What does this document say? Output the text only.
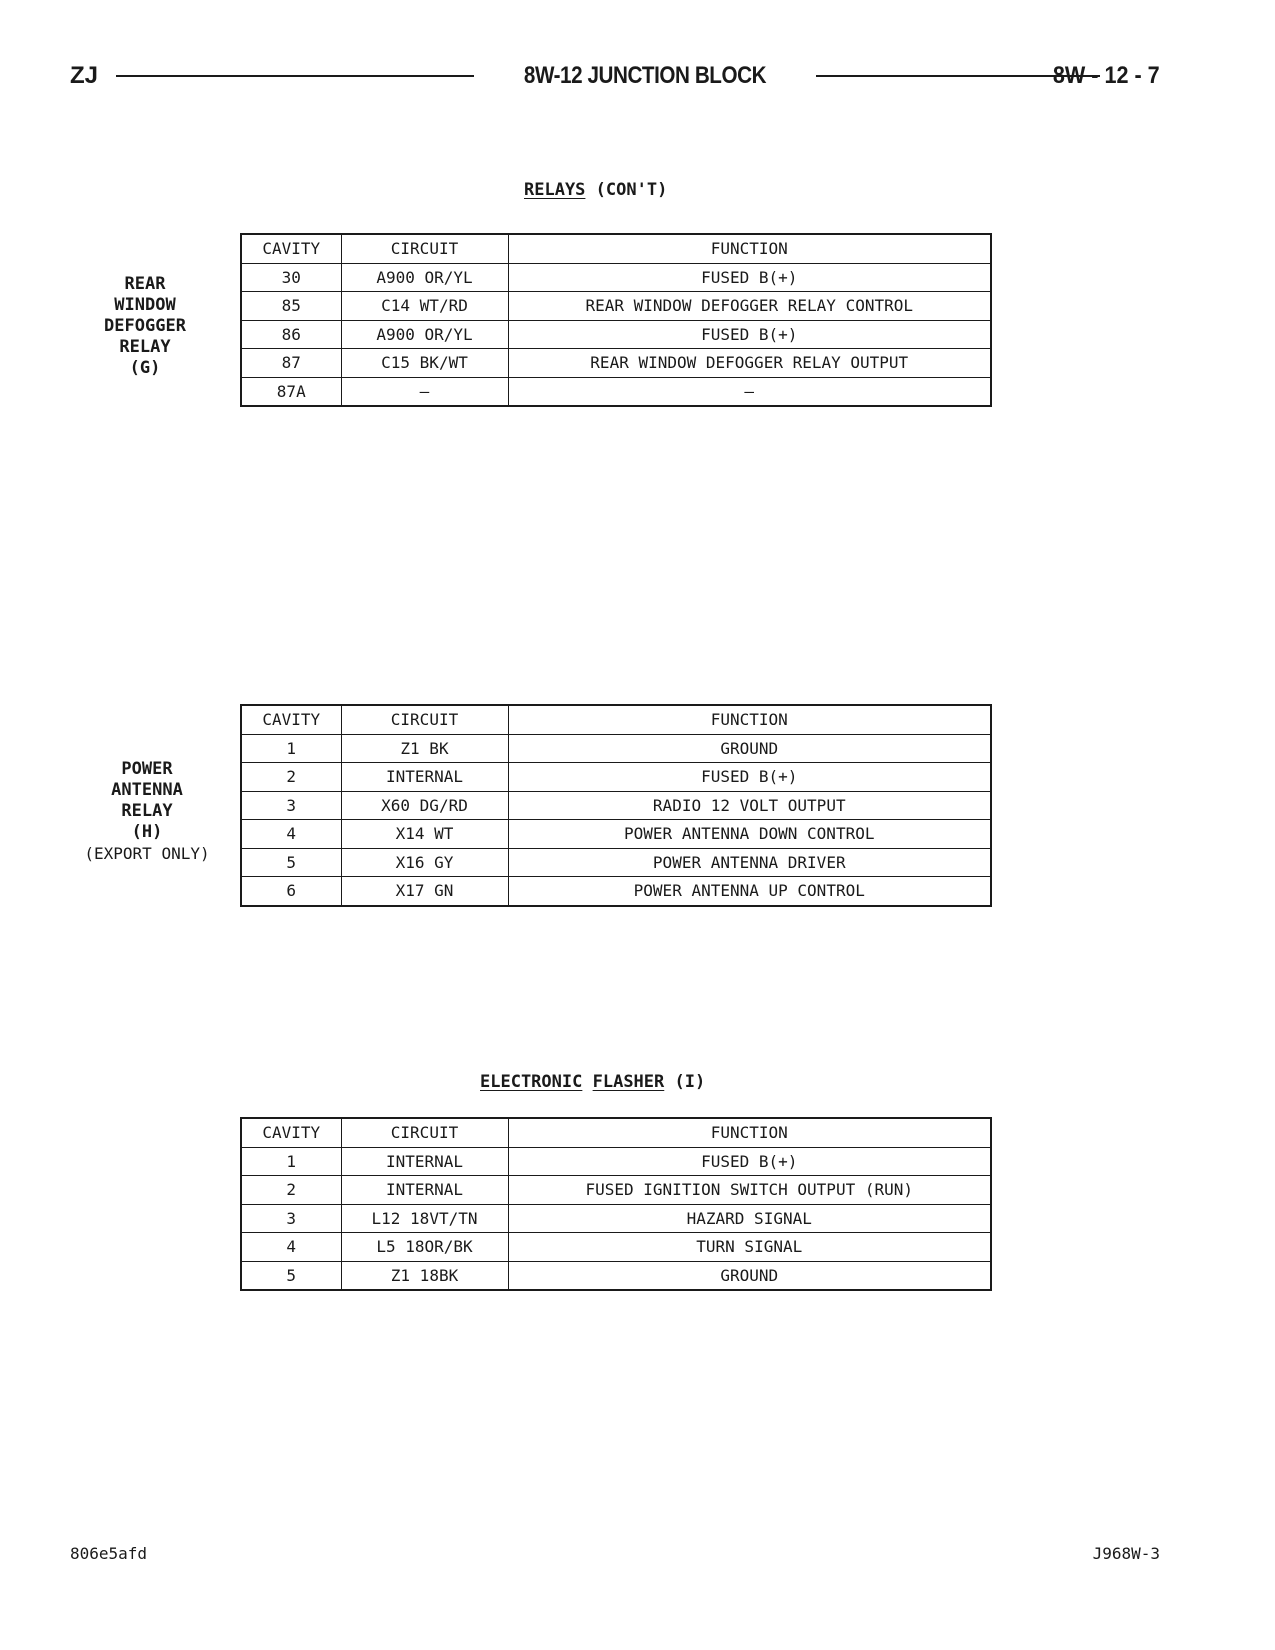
ZJ	8W-12 JUNCTION BLOCK	8W - 12 - 7
RELAYS (CON'T)
REAR
WINDOW
DEFOGGER
RELAY
(G)
CAVITY	CIRCUIT	FUNCTION
30	A900 OR/YL	FUSED B(+)
85	C14 WT/RD	REAR WINDOW DEFOGGER RELAY CONTROL
86	A900 OR/YL	FUSED B(+)
87	C15 BK/WT	REAR WINDOW DEFOGGER RELAY OUTPUT
87A	–	–
POWER
ANTENNA
RELAY
(H)
(EXPORT ONLY)
CAVITY	CIRCUIT	FUNCTION
1	Z1 BK	GROUND
2	INTERNAL	FUSED B(+)
3	X60 DG/RD	RADIO 12 VOLT OUTPUT
4	X14 WT	POWER ANTENNA DOWN CONTROL
5	X16 GY	POWER ANTENNA DRIVER
6	X17 GN	POWER ANTENNA UP CONTROL
ELECTRONIC FLASHER (I)
CAVITY	CIRCUIT	FUNCTION
1	INTERNAL	FUSED B(+)
2	INTERNAL	FUSED IGNITION SWITCH OUTPUT (RUN)
3	L12 18VT/TN	HAZARD SIGNAL
4	L5 18OR/BK	TURN SIGNAL
5	Z1 18BK	GROUND
806e5afd	J968W-3
